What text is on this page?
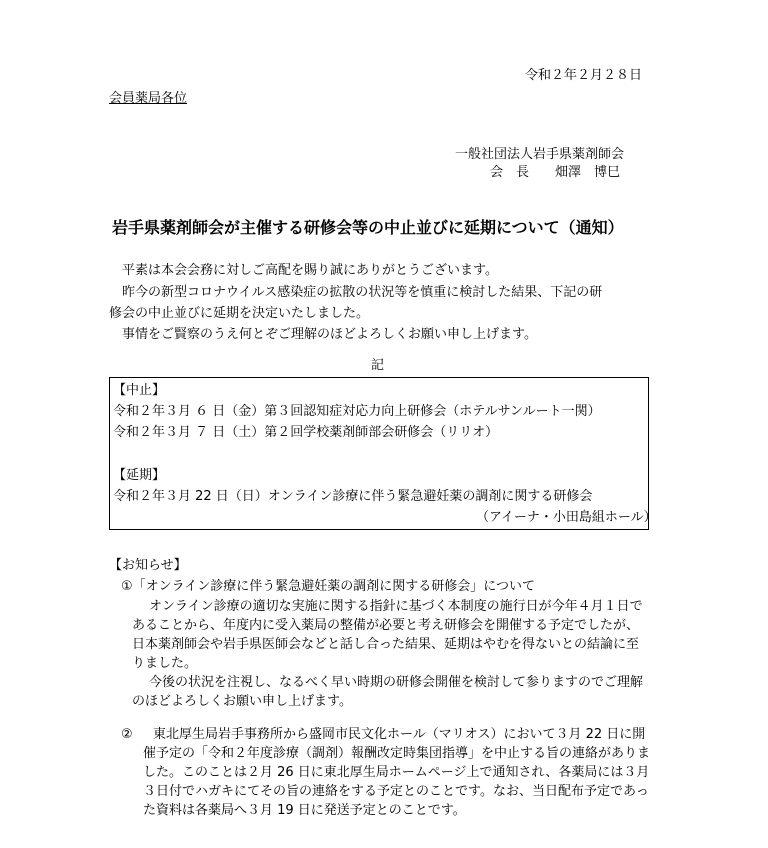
令和２年２月２８日
会員薬局各位
一般社団法人岩手県薬剤師会
会　長　　畑澤　博巳
岩手県薬剤師会が主催する研修会等の中止並びに延期について（通知）
平素は本会会務に対しご高配を賜り誠にありがとうございます。
昨今の新型コロナウイルス感染症の拡散の状況等を慎重に検討した結果、下記の研
修会の中止並びに延期を決定いたしました。
事情をご賢察のうえ何とぞご理解のほどよろしくお願い申し上げます。
記
【中止】
令和２年３月 ６ 日（金）第３回認知症対応力向上研修会（ホテルサンルート一関）
令和２年３月 ７ 日（土）第２回学校薬剤師部会研修会（リリオ）
【延期】
令和２年３月 22 日（日）オンライン診療に伴う緊急避妊薬の調剤に関する研修会
（アイーナ・小田島組ホール）
【お知らせ】
①「オンライン診療に伴う緊急避妊薬の調剤に関する研修会」について
オンライン診療の適切な実施に関する指針に基づく本制度の施行日が今年４月１日で
あることから、年度内に受入薬局の整備が必要と考え研修会を開催する予定でしたが、
日本薬剤師会や岩手県医師会などと話し合った結果、延期はやむを得ないとの結論に至
りました。
今後の状況を注視し、なるべく早い時期の研修会開催を検討して参りますのでご理解
のほどよろしくお願い申し上げます。
② 東北厚生局岩手事務所から盛岡市民文化ホール（マリオス）において３月 22 日に開
催予定の「令和２年度診療（調剤）報酬改定時集団指導」を中止する旨の連絡がありま
した。このことは２月 26 日に東北厚生局ホームページ上で通知され、各薬局には３月
３日付でハガキにてその旨の連絡をする予定とのことです。なお、当日配布予定であっ
た資料は各薬局へ３月 19 日に発送予定とのことです。
